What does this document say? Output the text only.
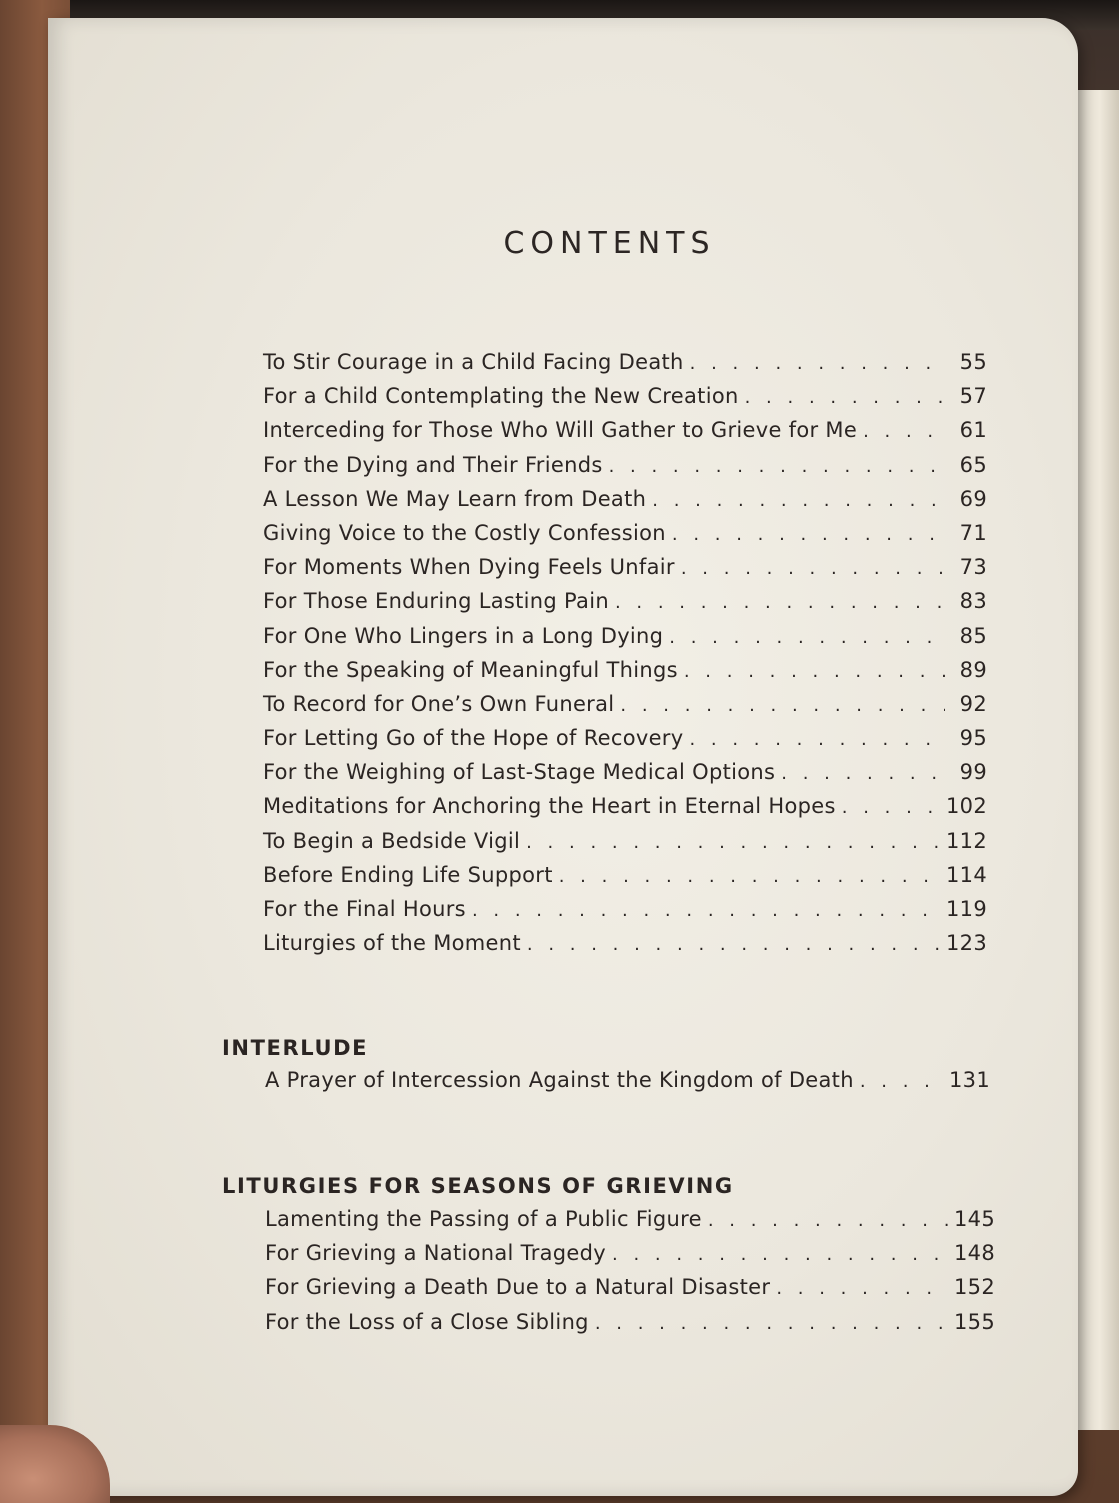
CONTENTS
To Stir Courage in a Child Facing Death . . .	55
For a Child Contemplating the New Creation . . .	57
Interceding for Those Who Will Gather to Grieve for Me . . .	61
For the Dying and Their Friends . . .	65
A Lesson We May Learn from Death . . .	69
Giving Voice to the Costly Confession . . .	71
For Moments When Dying Feels Unfair . . .	73
For Those Enduring Lasting Pain . . .	83
For One Who Lingers in a Long Dying . . .	85
For the Speaking of Meaningful Things . . .	89
To Record for One’s Own Funeral . . .	92
For Letting Go of the Hope of Recovery . . .	95
For the Weighing of Last-Stage Medical Options . . .	99
Meditations for Anchoring the Heart in Eternal Hopes . . .	102
To Begin a Bedside Vigil . . .	112
Before Ending Life Support . . .	114
For the Final Hours . . .	119
Liturgies of the Moment . . .	123
INTERLUDE
A Prayer of Intercession Against the Kingdom of Death . . .	131
LITURGIES FOR SEASONS OF GRIEVING
Lamenting the Passing of a Public Figure . . .	145
For Grieving a National Tragedy . . .	148
For Grieving a Death Due to a Natural Disaster . . .	152
For the Loss of a Close Sibling . . .	155
